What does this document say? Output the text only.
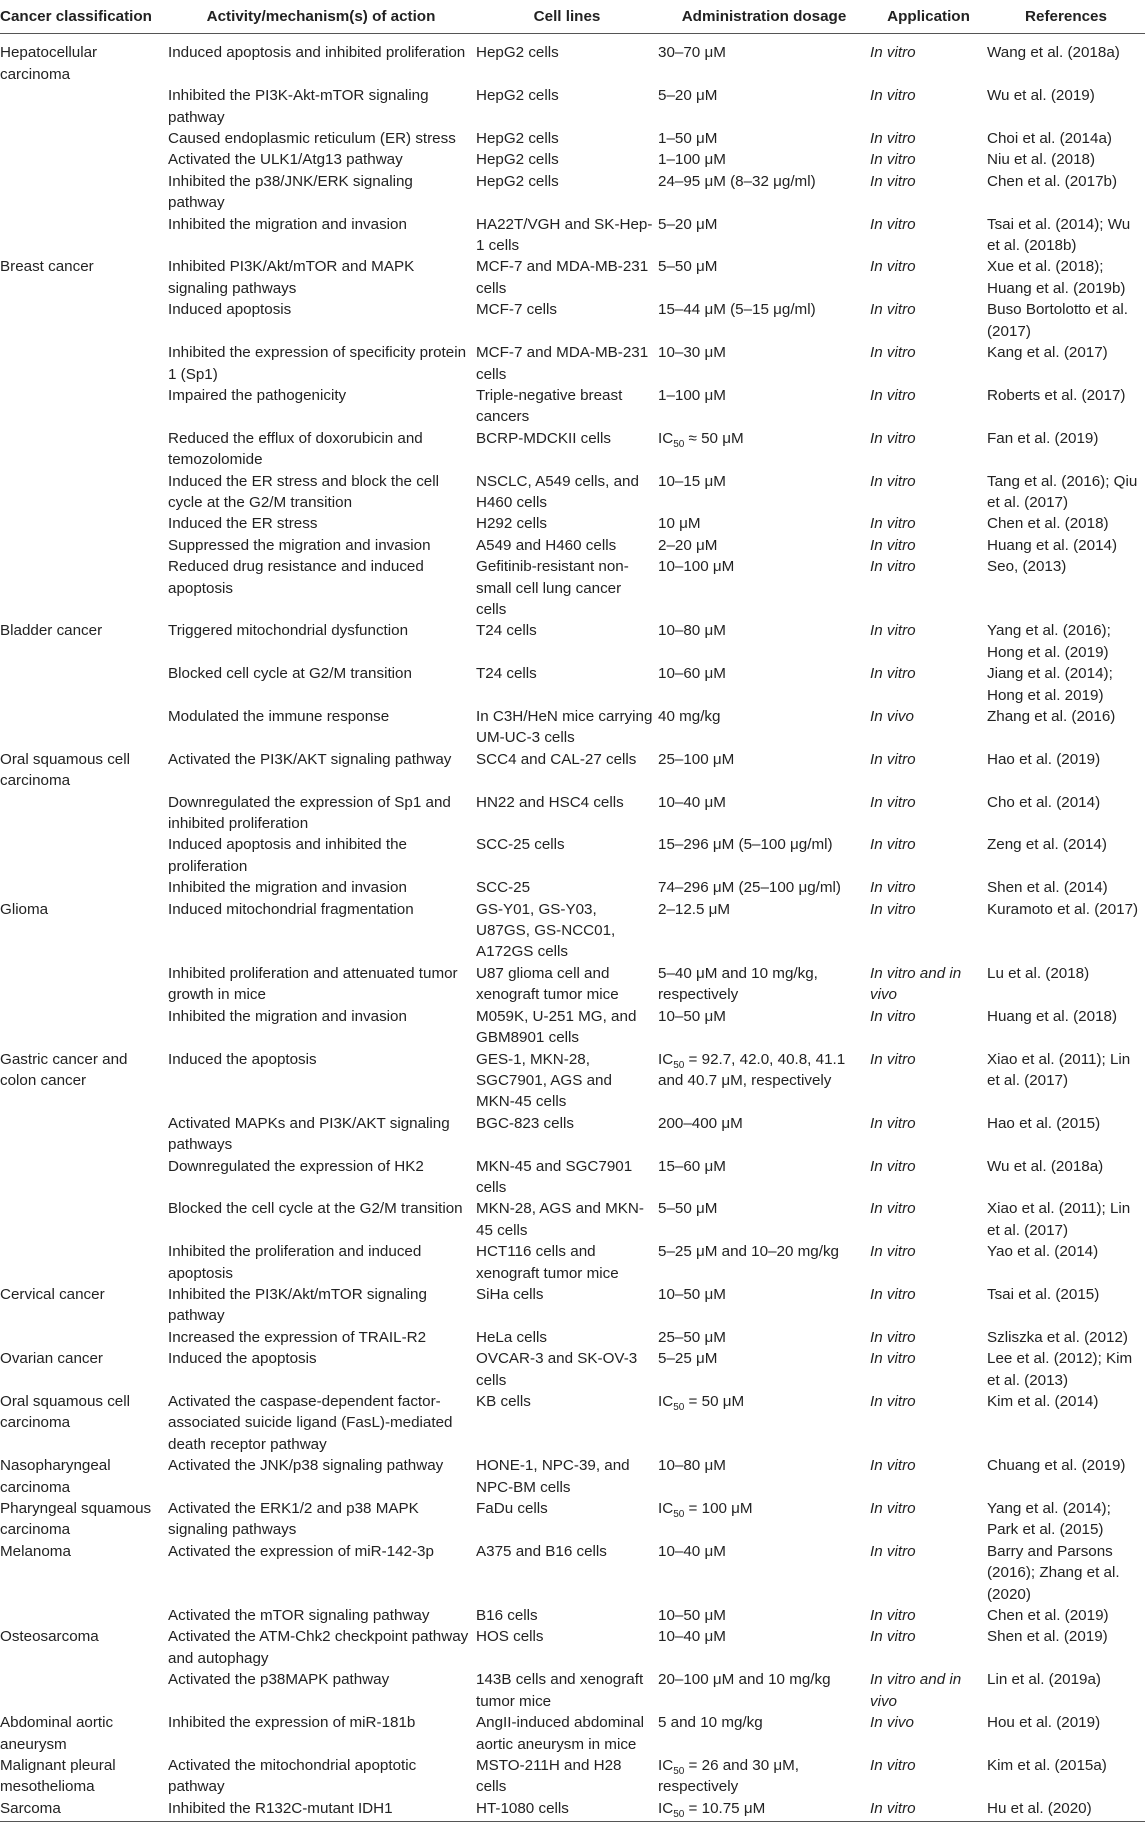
Cancer classification	Activity/mechanism(s) of action	Cell lines	Administration dosage	Application	References
Hepatocellular carcinoma	Induced apoptosis and inhibited proliferation	HepG2 cells	30–70 μM	In vitro	Wang et al. (2018a)
	Inhibited the PI3K-Akt-mTOR signaling pathway	HepG2 cells	5–20 μM	In vitro	Wu et al. (2019)
	Caused endoplasmic reticulum (ER) stress	HepG2 cells	1–50 μM	In vitro	Choi et al. (2014a)
	Activated the ULK1/Atg13 pathway	HepG2 cells	1–100 μM	In vitro	Niu et al. (2018)
	Inhibited the p38/JNK/ERK signaling pathway	HepG2 cells	24–95 μM (8–32 μg/ml)	In vitro	Chen et al. (2017b)
	Inhibited the migration and invasion	HA22T/VGH and SK-Hep-1 cells	5–20 μM	In vitro	Tsai et al. (2014); Wu et al. (2018b)
Breast cancer	Inhibited PI3K/Akt/mTOR and MAPK signaling pathways	MCF-7 and MDA-MB-231 cells	5–50 μM	In vitro	Xue et al. (2018); Huang et al. (2019b)
	Induced apoptosis	MCF-7 cells	15–44 μM (5–15 μg/ml)	In vitro	Buso Bortolotto et al. (2017)
	Inhibited the expression of specificity protein 1 (Sp1)	MCF-7 and MDA-MB-231 cells	10–30 μM	In vitro	Kang et al. (2017)
	Impaired the pathogenicity	Triple-negative breast cancers	1–100 μM	In vitro	Roberts et al. (2017)
	Reduced the efflux of doxorubicin and temozolomide	BCRP-MDCKII cells	$IC_{50} \approx 50$ μM	In vitro	Fan et al. (2019)
	Induced the ER stress and block the cell cycle at the G2/M transition	NSCLC, A549 cells, and H460 cells	10–15 μM	In vitro	Tang et al. (2016); Qiu et al. (2017)
	Induced the ER stress	H292 cells	10 μM	In vitro	Chen et al. (2018)
	Suppressed the migration and invasion	A549 and H460 cells	2–20 μM	In vitro	Huang et al. (2014)
	Reduced drug resistance and induced apoptosis	Gefitinib-resistant non-small cell lung cancer cells	10–100 μM	In vitro	Seo, (2013)
Bladder cancer	Triggered mitochondrial dysfunction	T24 cells	10–80 μM	In vitro	Yang et al. (2016); Hong et al. (2019)
	Blocked cell cycle at G2/M transition	T24 cells	10–60 μM	In vitro	Jiang et al. (2014); Hong et al. 2019)
	Modulated the immune response	In C3H/HeN mice carrying UM-UC-3 cells	40 mg/kg	In vivo	Zhang et al. (2016)
Oral squamous cell carcinoma	Activated the PI3K/AKT signaling pathway	SCC4 and CAL-27 cells	25–100 μM	In vitro	Hao et al. (2019)
	Downregulated the expression of Sp1 and inhibited proliferation	HN22 and HSC4 cells	10–40 μM	In vitro	Cho et al. (2014)
	Induced apoptosis and inhibited the proliferation	SCC-25 cells	15–296 μM (5–100 μg/ml)	In vitro	Zeng et al. (2014)
	Inhibited the migration and invasion	SCC-25	74–296 μM (25–100 μg/ml)	In vitro	Shen et al. (2014)
Glioma	Induced mitochondrial fragmentation	GS-Y01, GS-Y03, U87GS, GS-NCC01, A172GS cells	2–12.5 μM	In vitro	Kuramoto et al. (2017)
	Inhibited proliferation and attenuated tumor growth in mice	U87 glioma cell and xenograft tumor mice	5–40 μM and 10 mg/kg, respectively	In vitro and in vivo	Lu et al. (2018)
	Inhibited the migration and invasion	M059K, U-251 MG, and GBM8901 cells	10–50 μM	In vitro	Huang et al. (2018)
Gastric cancer and colon cancer	Induced the apoptosis	GES-1, MKN-28, SGC7901, AGS and MKN-45 cells	$IC_{50} = 92.7$, 42.0, 40.8, 41.1 and 40.7 μM, respectively	In vitro	Xiao et al. (2011); Lin et al. (2017)
	Activated MAPKs and PI3K/AKT signaling pathways	BGC-823 cells	200–400 μM	In vitro	Hao et al. (2015)
	Downregulated the expression of HK2	MKN-45 and SGC7901 cells	15–60 μM	In vitro	Wu et al. (2018a)
	Blocked the cell cycle at the G2/M transition	MKN-28, AGS and MKN-45 cells	5–50 μM	In vitro	Xiao et al. (2011); Lin et al. (2017)
	Inhibited the proliferation and induced apoptosis	HCT116 cells and xenograft tumor mice	5–25 μM and 10–20 mg/kg	In vitro	Yao et al. (2014)
Cervical cancer	Inhibited the PI3K/Akt/mTOR signaling pathway	SiHa cells	10–50 μM	In vitro	Tsai et al. (2015)
	Increased the expression of TRAIL-R2	HeLa cells	25–50 μM	In vitro	Szliszka et al. (2012)
Ovarian cancer	Induced the apoptosis	OVCAR-3 and SK-OV-3 cells	5–25 μM	In vitro	Lee et al. (2012); Kim et al. (2013)
Oral squamous cell carcinoma	Activated the caspase-dependent factor-associated suicide ligand (FasL)-mediated death receptor pathway	KB cells	$IC_{50} = 50$ μM	In vitro	Kim et al. (2014)
Nasopharyngeal carcinoma	Activated the JNK/p38 signaling pathway	HONE-1, NPC-39, and NPC-BM cells	10–80 μM	In vitro	Chuang et al. (2019)
Pharyngeal squamous carcinoma	Activated the ERK1/2 and p38 MAPK signaling pathways	FaDu cells	$IC_{50} = 100$ μM	In vitro	Yang et al. (2014); Park et al. (2015)
Melanoma	Activated the expression of miR-142-3p	A375 and B16 cells	10–40 μM	In vitro	Barry and Parsons (2016); Zhang et al. (2020)
	Activated the mTOR signaling pathway	B16 cells	10–50 μM	In vitro	Chen et al. (2019)
Osteosarcoma	Activated the ATM-Chk2 checkpoint pathway and autophagy	HOS cells	10–40 μM	In vitro	Shen et al. (2019)
	Activated the p38MAPK pathway	143B cells and xenograft tumor mice	20–100 μM and 10 mg/kg	In vitro and in vivo	Lin et al. (2019a)
Abdominal aortic aneurysm	Inhibited the expression of miR-181b	AngII-induced abdominal aortic aneurysm in mice	5 and 10 mg/kg	In vivo	Hou et al. (2019)
Malignant pleural mesothelioma	Activated the mitochondrial apoptotic pathway	MSTO-211H and H28 cells	$IC_{50} = 26$ and 30 μM, respectively	In vitro	Kim et al. (2015a)
Sarcoma	Inhibited the R132C-mutant IDH1	HT-1080 cells	$IC_{50} = 10.75$ μM	In vitro	Hu et al. (2020)
